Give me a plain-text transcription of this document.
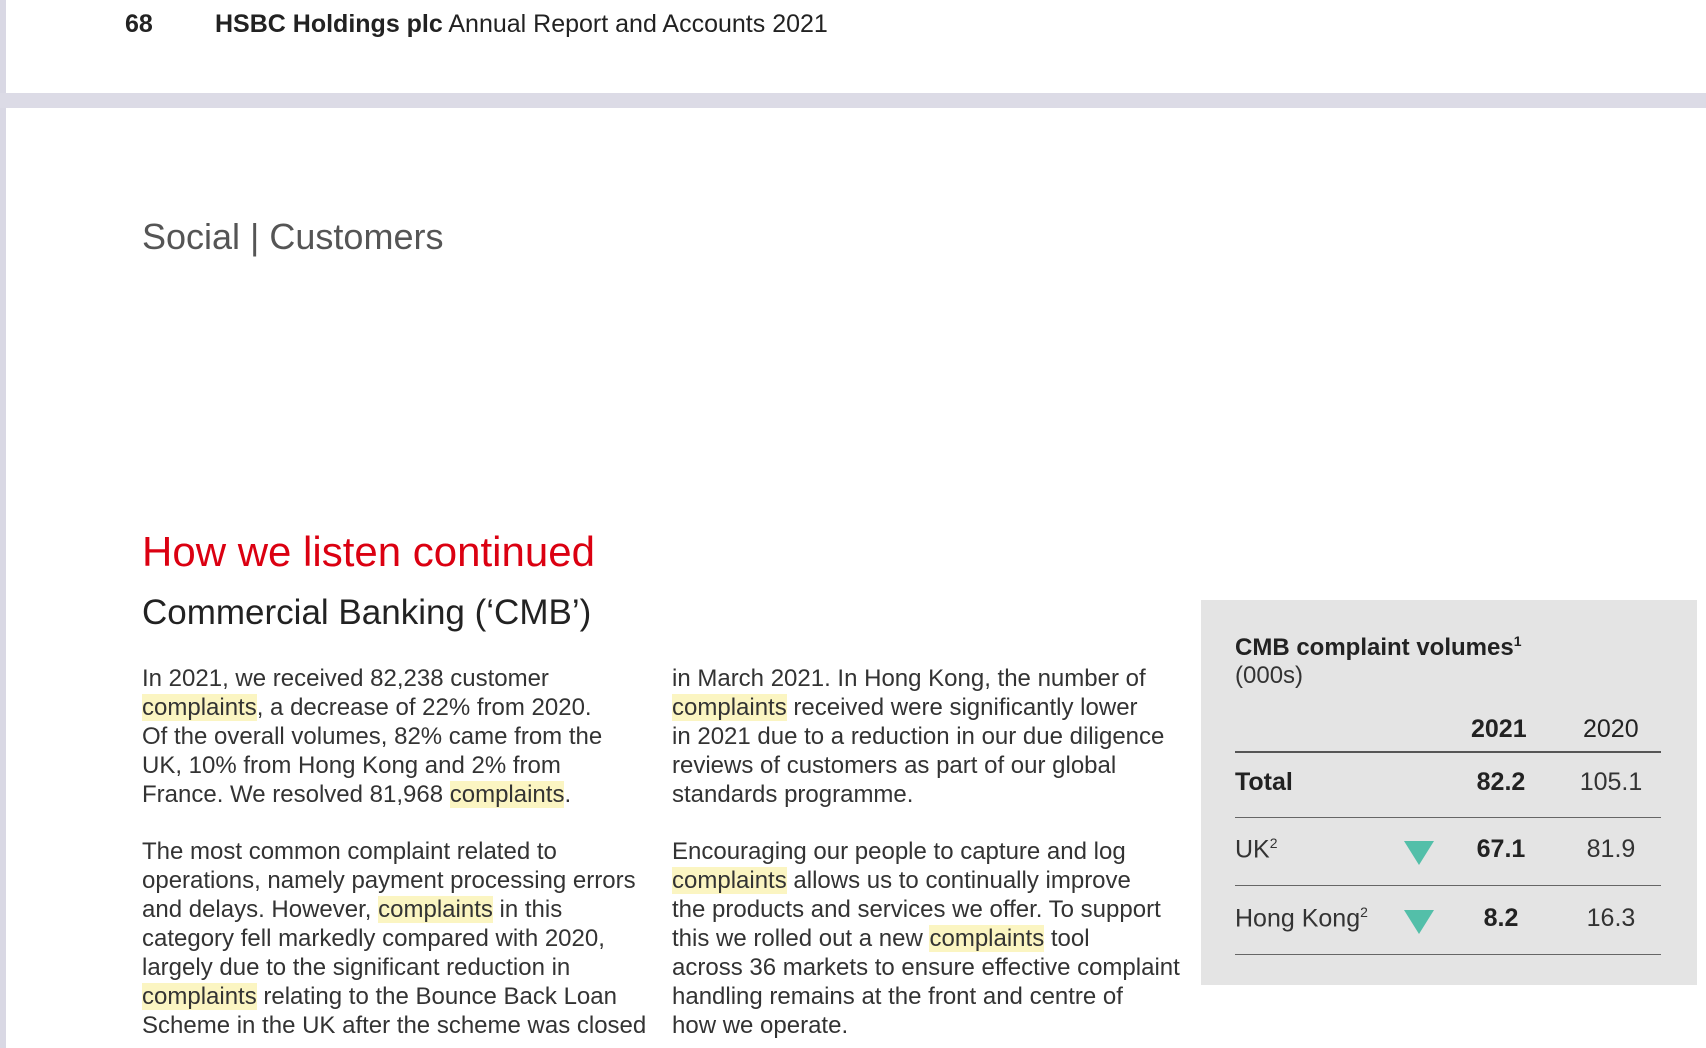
68 HSBC Holdings plc Annual Report and Accounts 2021
Social | Customers
How we listen continued
Commercial Banking (‘CMB’)
In 2021, we received 82,238 customer
complaints, a decrease of 22% from 2020.
Of the overall volumes, 82% came from the
UK, 10% from Hong Kong and 2% from
France. We resolved 81,968 complaints.
The most common complaint related to
operations, namely payment processing errors
and delays. However, complaints in this
category fell markedly compared with 2020,
largely due to the significant reduction in
complaints relating to the Bounce Back Loan
Scheme in the UK after the scheme was closed
in March 2021. In Hong Kong, the number of
complaints received were significantly lower
in 2021 due to a reduction in our due diligence
reviews of customers as part of our global
standards programme.
Encouraging our people to capture and log
complaints allows us to continually improve
the products and services we offer. To support
this we rolled out a new complaints tool
across 36 markets to ensure effective complaint
handling remains at the front and centre of
how we operate.
CMB complaint volumes$^1$
(000s)
2021 2020
Total	82.2	105.1
$UK^2$	67.1	81.9
Hong Kong$^2$	8.2	16.3
